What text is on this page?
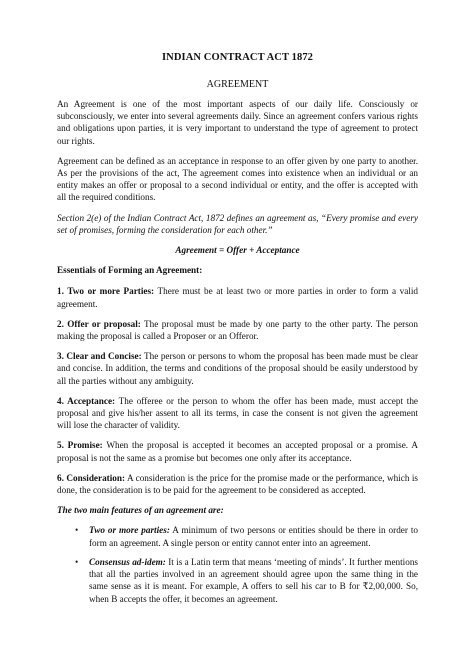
INDIAN CONTRACT ACT 1872
AGREEMENT

An Agreement is one of the most important aspects of our daily life. Consciously or subconsciously, we enter into several agreements daily. Since an agreement confers various rights and obligations upon parties, it is very important to understand the type of agreement to protect our rights.

Agreement can be defined as an acceptance in response to an offer given by one party to another. As per the provisions of the act, The agreement comes into existence when an individual or an entity makes an offer or proposal to a second individual or entity, and the offer is accepted with all the required conditions.

Section 2(e) of the Indian Contract Act, 1872 defines an agreement as, “Every promise and every set of promises, forming the consideration for each other.”

Agreement = Offer + Acceptance

Essentials of Forming an Agreement:

1. Two or more Parties: There must be at least two or more parties in order to form a valid agreement.

2. Offer or proposal: The proposal must be made by one party to the other party. The person making the proposal is called a Proposer or an Offeror.

3. Clear and Concise: The person or persons to whom the proposal has been made must be clear and concise. In addition, the terms and conditions of the proposal should be easily understood by all the parties without any ambiguity.

4. Acceptance: The offeree or the person to whom the offer has been made, must accept the proposal and give his/her assent to all its terms, in case the consent is not given the agreement will lose the character of validity.

5. Promise: When the proposal is accepted it becomes an accepted proposal or a promise. A proposal is not the same as a promise but becomes one only after its acceptance.

6. Consideration: A consideration is the price for the promise made or the performance, which is done, the consideration is to be paid for the agreement to be considered as accepted.

The two main features of an agreement are:

• Two or more parties: A minimum of two persons or entities should be there in order to form an agreement. A single person or entity cannot enter into an agreement.
• Consensus ad-idem: It is a Latin term that means ‘meeting of minds’. It further mentions that all the parties involved in an agreement should agree upon the same thing in the same sense as it is meant. For example, A offers to sell his car to B for ₹2,00,000. So, when B accepts the offer, it becomes an agreement.
